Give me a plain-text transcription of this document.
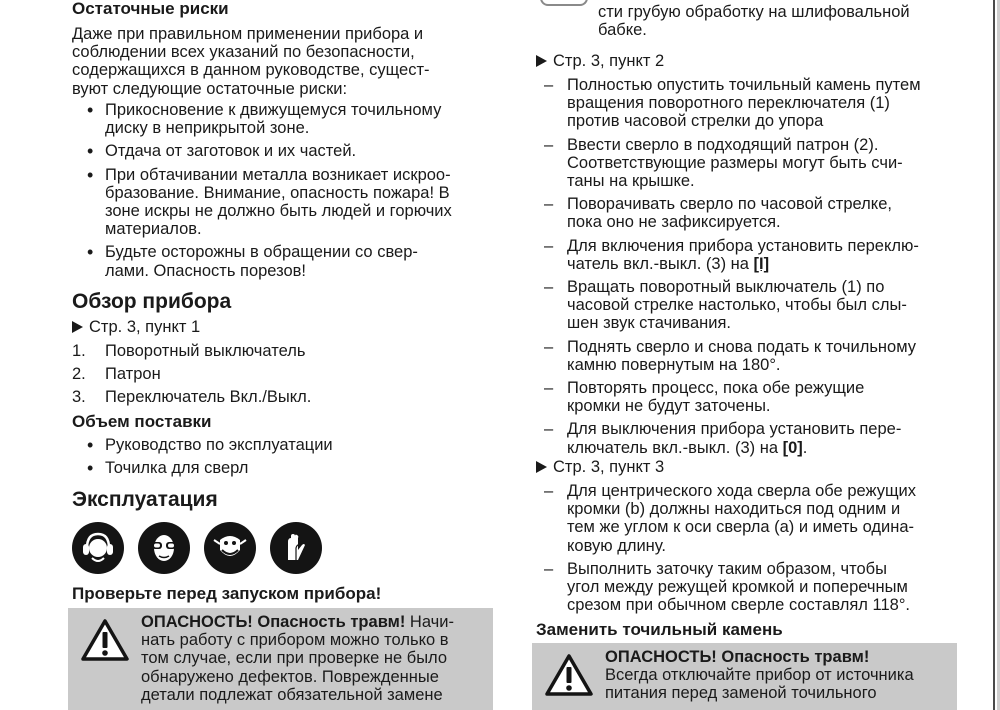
Остаточные риски

Даже при правильном применении прибора и

соблюдении всех указаний по безопасности,

содержащихся в данном руководстве, сущест-

вуют следующие остаточные риски:

• Прикосновение к движущемуся точильному
диску в неприкрытой зоне.
• Отдача от заготовок и их частей.
• При обтачивании металла возникает искроо-
бразование. Внимание, опасность пожара! В
зоне искры не должно быть людей и горючих
материалов.
• Будьте осторожны в обращении со свер-
лами. Опасность порезов!

Обзор прибора

Стр. 3, пункт 1

1. Поворотный выключатель
2. Патрон
3. Переключатель Вкл./Выкл.

Объем поставки

• Руководство по эксплуатации
• Точилка для сверл

Эксплуатация

Проверьте перед запуском прибора!

ОПАСНОСТЬ! Опасность травм! Начи-
нать работу с прибором можно только в
том случае, если при проверке не было
обнаружено дефектов. Поврежденные
детали подлежат обязательной замене

сти грубую обработку на шлифовальной

бабке.

Стр. 3, пункт 2

– Полностью опустить точильный камень путем
вращения поворотного переключателя (1)
против часовой стрелки до упора
– Ввести сверло в подходящий патрон (2).
Соответствующие размеры могут быть счи-
таны на крышке.
– Поворачивать сверло по часовой стрелке,
пока оно не зафиксируется.
– Для включения прибора установить переклю-
чатель вкл.-выкл. (3) на [I]
– Вращать поворотный выключатель (1) по
часовой стрелке настолько, чтобы был слы-
шен звук стачивания.
– Поднять сверло и снова подать к точильному
камню повернутым на 180°.
– Повторять процесс, пока обе режущие
кромки не будут заточены.
– Для выключения прибора установить пере-
ключатель вкл.-выкл. (3) на [0].

Стр. 3, пункт 3

– Для центрического хода сверла обе режущих
кромки (b) должны находиться под одним и
тем же углом к оси сверла (a) и иметь одина-
ковую длину.
– Выполнить заточку таким образом, чтобы
угол между режущей кромкой и поперечным
срезом при обычном сверле составлял 118°.

Заменить точильный камень

ОПАСНОСТЬ! Опасность травм!
Всегда отключайте прибор от источника
питания перед заменой точильного
